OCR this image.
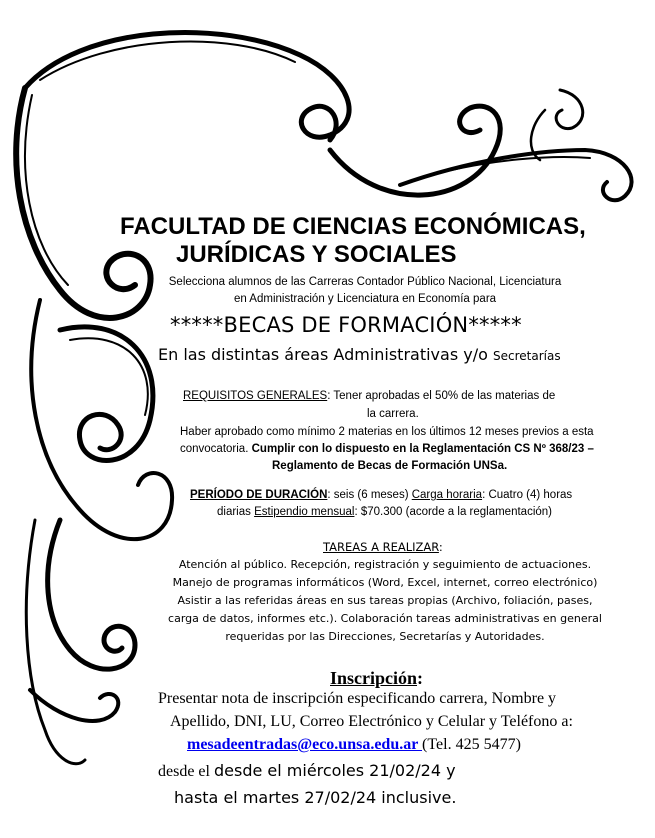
FACULTAD DE CIENCIAS ECONÓMICAS,
JURÍDICAS Y SOCIALES
Selecciona alumnos de las Carreras Contador Público Nacional, Licenciatura
en Administración y Licenciatura en Economía para
*****BECAS DE FORMACIÓN*****
En las distintas áreas Administrativas y/o Secretarías
REQUISITOS GENERALES: Tener aprobadas el 50% de las materias de
la carrera.
Haber aprobado como mínimo 2 materias en los últimos 12 meses previos a esta
convocatoria. Cumplir con lo dispuesto en la Reglamentación CS Nº 368/23 –
Reglamento de Becas de Formación UNSa.
PERÍODO DE DURACIÓN: seis (6 meses) Carga horaria: Cuatro (4) horas
diarias Estipendio mensual: $70.300 (acorde a la reglamentación)
TAREAS A REALIZAR:
Atención al público. Recepción, registración y seguimiento de actuaciones.
Manejo de programas informáticos (Word, Excel, internet, correo electrónico)
Asistir a las referidas áreas en sus tareas propias (Archivo, foliación, pases,
carga de datos, informes etc.). Colaboración tareas administrativas en general
requeridas por las Direcciones, Secretarías y Autoridades.
Inscripción:
Presentar nota de inscripción especificando carrera, Nombre y
Apellido, DNI, LU, Correo Electrónico y Celular y Teléfono a:
mesadeentradas@eco.unsa.edu.ar (Tel. 425 5477)
desde el desde el miércoles 21/02/24 y
hasta el martes 27/02/24 inclusive.
